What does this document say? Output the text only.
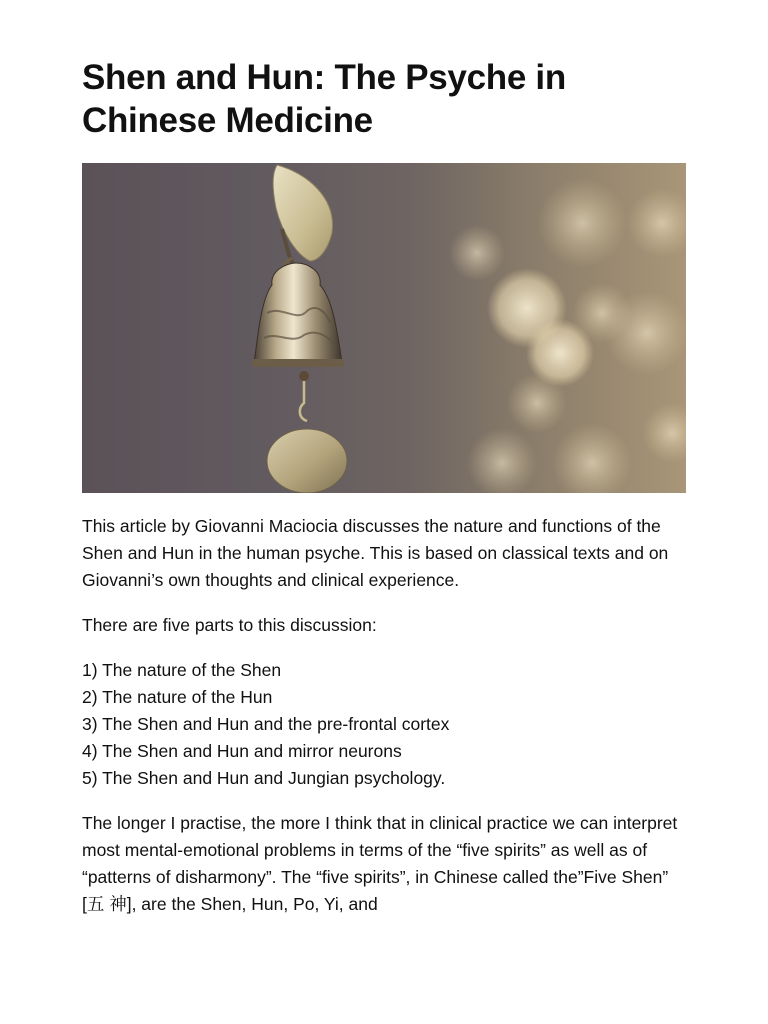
Shen and Hun: The Psyche in Chinese Medicine

This article by Giovanni Maciocia discusses the nature and functions of the Shen and Hun in the human psyche. This is based on classical texts and on Giovanni’s own thoughts and clinical experience.

There are five parts to this discussion:

1) The nature of the Shen
2) The nature of the Hun
3) The Shen and Hun and the pre-frontal cortex
4) The Shen and Hun and mirror neurons
5) The Shen and Hun and Jungian psychology.

The longer I practise, the more I think that in clinical practice we can interpret most mental-emotional problems in terms of the “five spirits” as well as of “patterns of disharmony”. The “five spirits”, in Chinese called the”Five Shen” [五 神], are the Shen, Hun, Po, Yi, and
